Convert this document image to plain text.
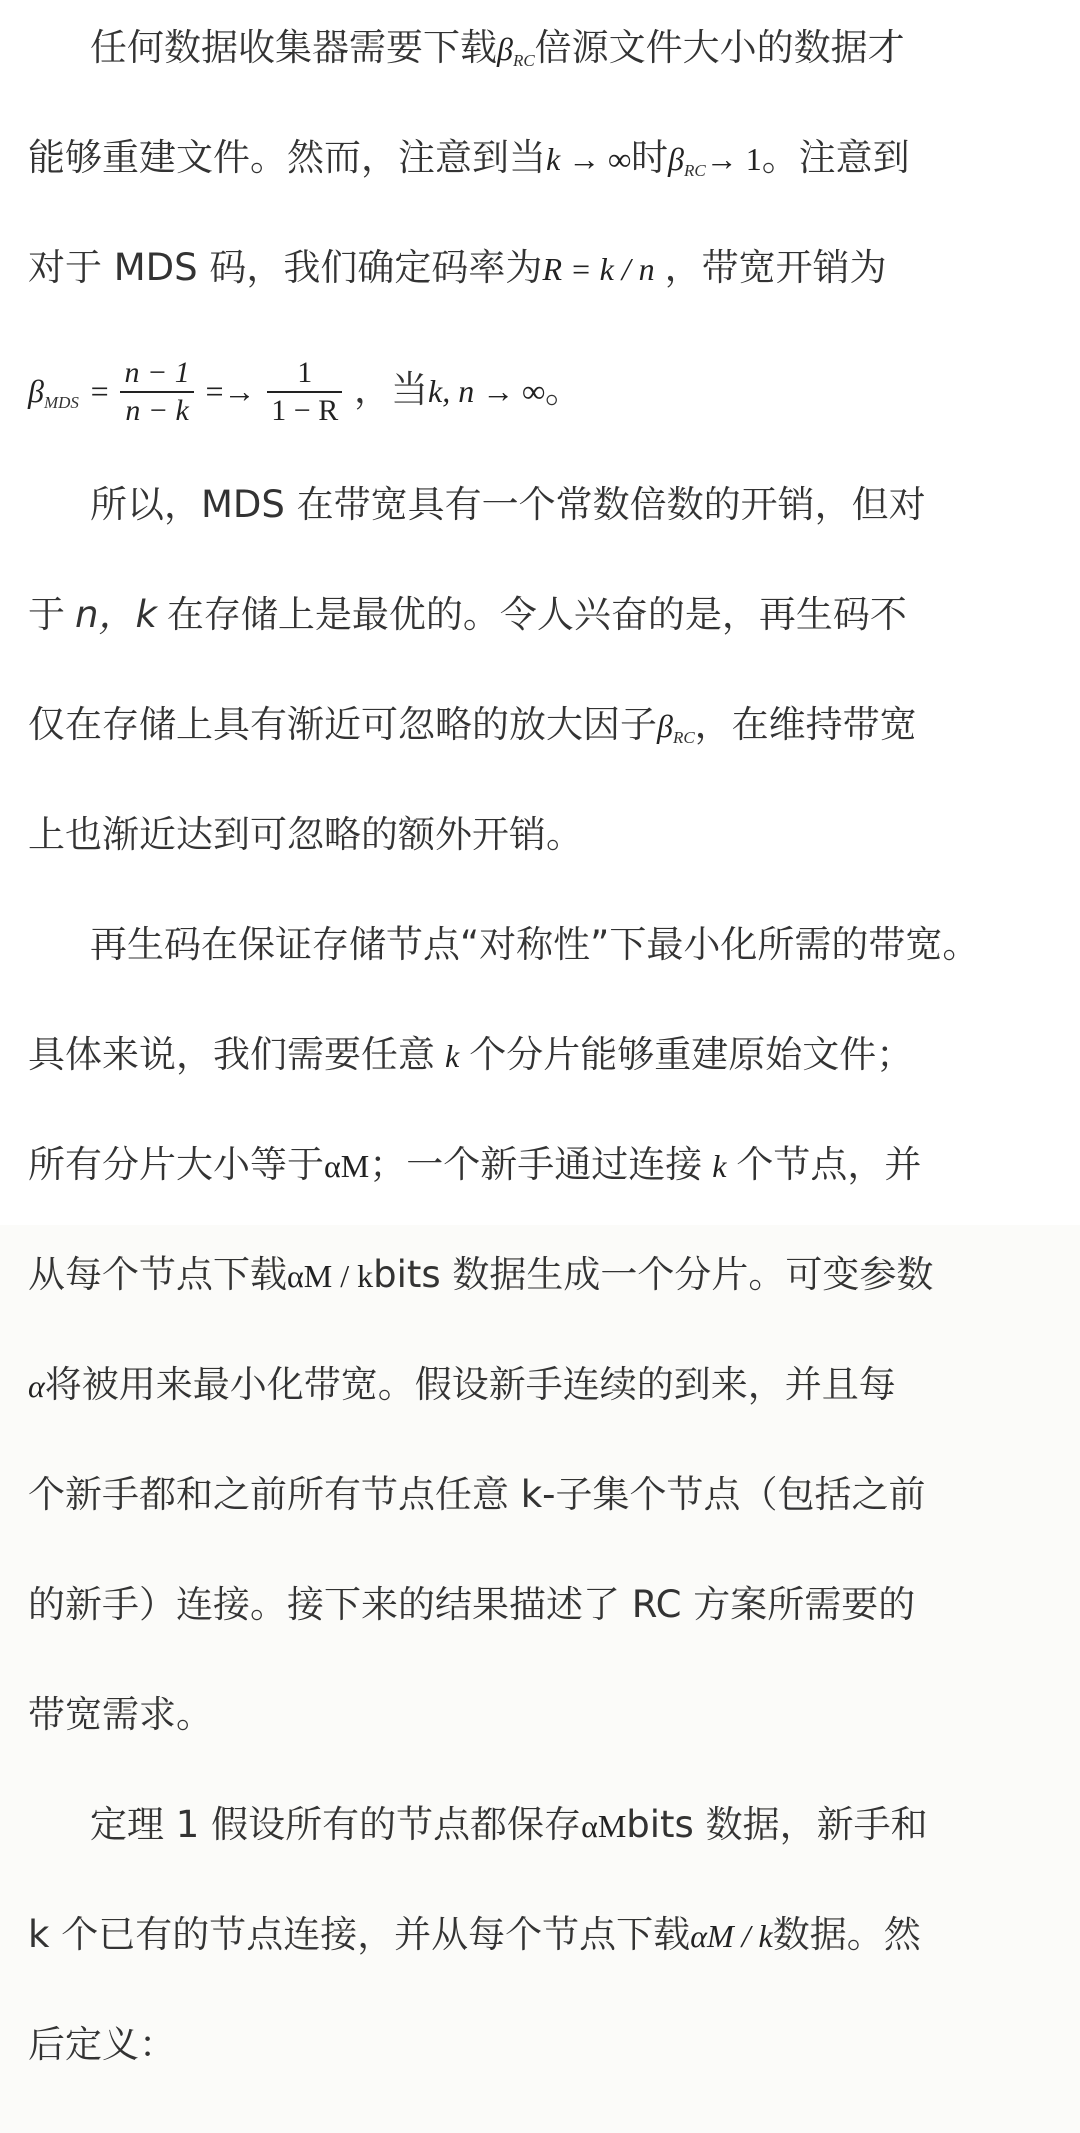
任何数据收集器需要下载$\beta_{RC}$倍源文件大小的数据才
能够重建文件。然而，注意到当k → ∞时$\beta_{RC}\to 1$。注意到
对于 MDS 码，我们确定码率为R = k / n ，带宽开销为
$\beta_{MDS} = \frac{n - 1}{n - k} =\to \frac{1}{1 - R}$ ，当k, n → ∞。
所以，MDS 在带宽具有一个常数倍数的开销，但对
于 n，k 在存储上是最优的。令人兴奋的是，再生码不
仅在存储上具有渐近可忽略的放大因子$\beta_{RC}$，在维持带宽
上也渐近达到可忽略的额外开销。
再生码在保证存储节点“对称性”下最小化所需的带宽。
具体来说，我们需要任意 k 个分片能够重建原始文件；
所有分片大小等于αM；一个新手通过连接 k 个节点，并
从每个节点下载αM / kbits 数据生成一个分片。可变参数
α将被用来最小化带宽。假设新手连续的到来，并且每
个新手都和之前所有节点任意 k-子集个节点（包括之前
的新手）连接。接下来的结果描述了 RC 方案所需要的
带宽需求。
定理 1 假设所有的节点都保存αMbits 数据，新手和
k 个已有的节点连接，并从每个节点下载αM / k数据。然
后定义：
